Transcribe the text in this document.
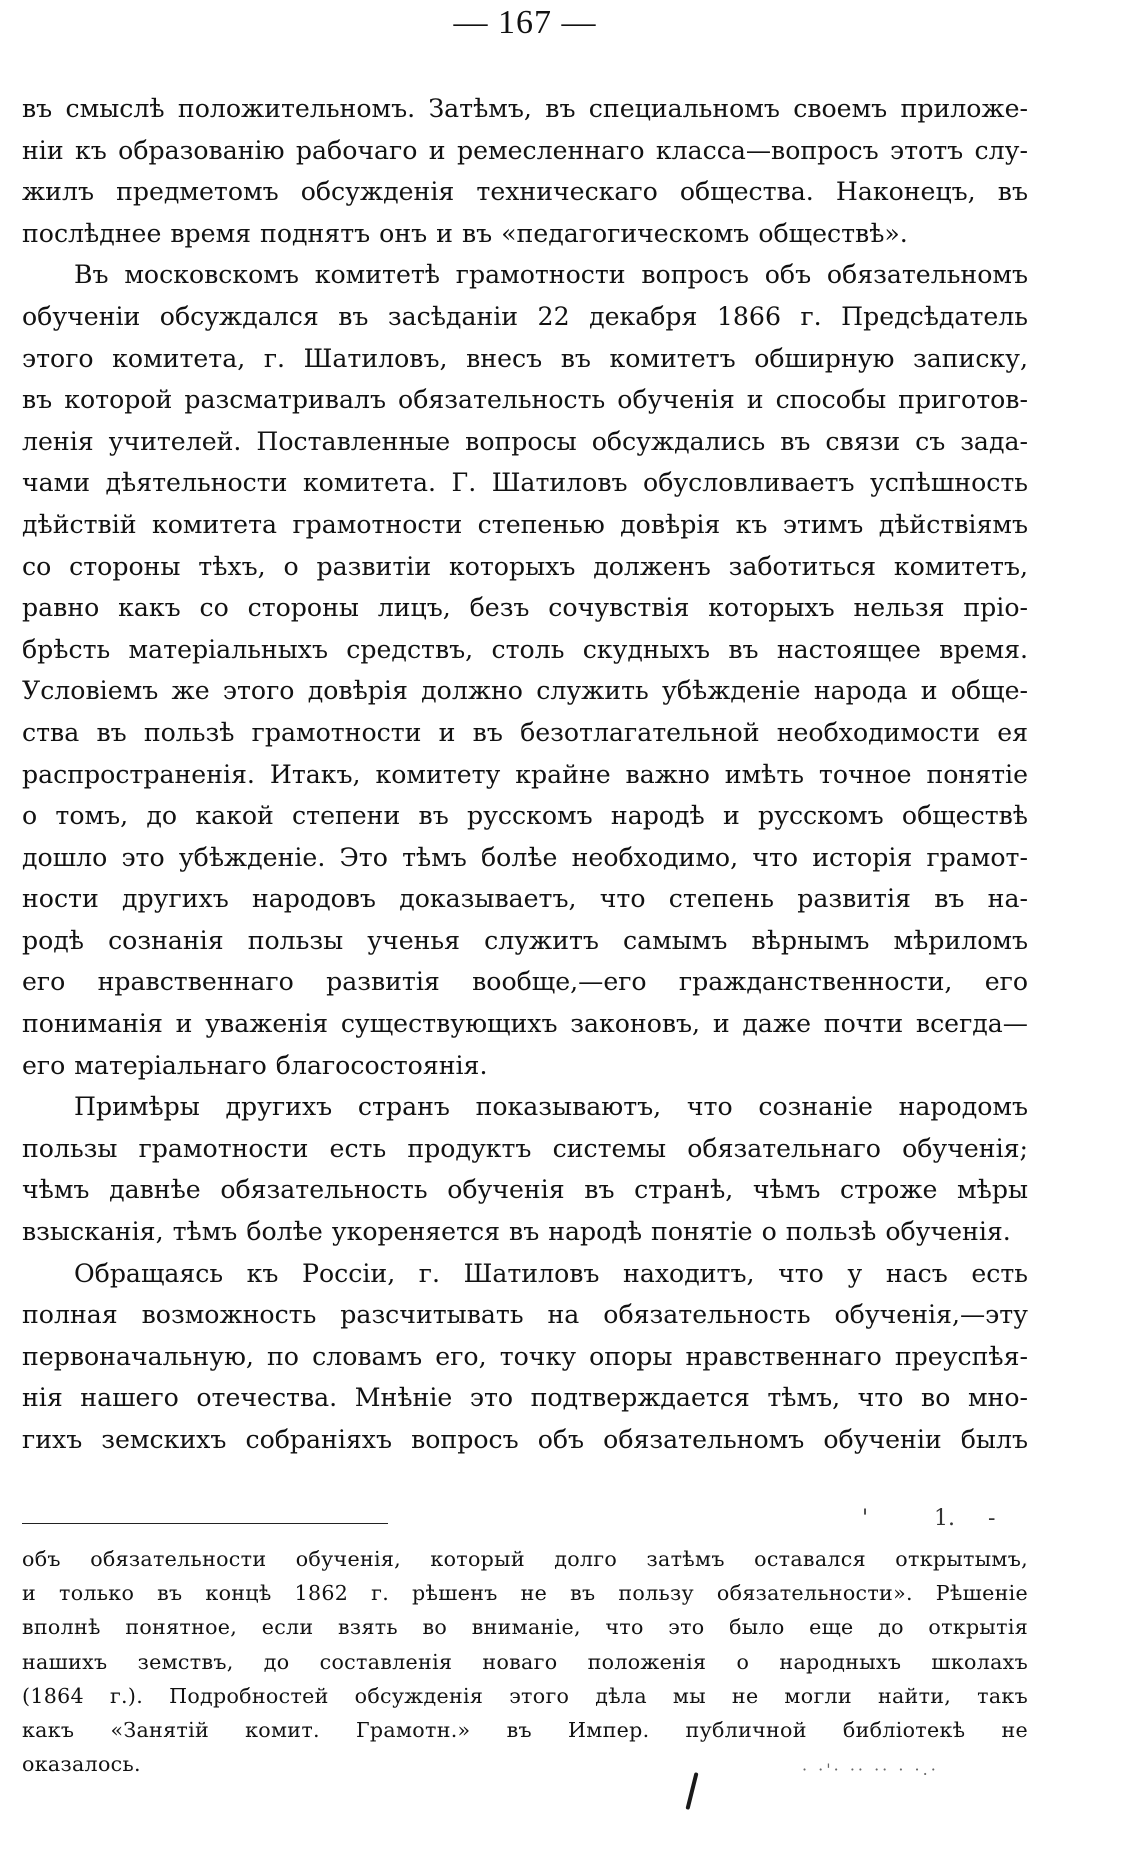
— 167 —

въ смыслѣ положительномъ. Затѣмъ, въ специальномъ своемъ приложе-

нiи къ образованiю рабочаго и ремесленнаго класса—вопросъ этотъ слу-

жилъ предметомъ обсужденiя техническаго общества. Наконецъ, въ

послѣднее время поднятъ онъ и въ «педагогическомъ обществѣ».

Въ московскомъ комитетѣ грамотности вопросъ объ обязательномъ

обученiи обсуждался въ засѣданiи 22 декабря 1866 г. Предсѣдатель

этого комитета, г. Шатиловъ, внесъ въ комитетъ обширную записку,

въ которой разсматривалъ обязательность обученiя и способы приготов-

ленiя учителей. Поставленные вопросы обсуждались въ связи съ зада-

чами дѣятельности комитета. Г. Шатиловъ обусловливаетъ успѣшность

дѣйствiй комитета грамотности степенью довѣрiя къ этимъ дѣйствiямъ

со стороны тѣхъ, о развитiи которыхъ долженъ заботиться комитетъ,

равно какъ со стороны лицъ, безъ сочувствiя которыхъ нельзя прiо-

брѣсть матерiальныхъ средствъ, столь скудныхъ въ настоящее время.

Условiемъ же этого довѣрiя должно служить убѣжденiе народа и обще-

ства въ пользѣ грамотности и въ безотлагательной необходимости ея

распространенiя. Итакъ, комитету крайне важно имѣть точное понятiе

о томъ, до какой степени въ русскомъ народѣ и русскомъ обществѣ

дошло это убѣжденiе. Это тѣмъ болѣе необходимо, что исторiя грамот-

ности другихъ народовъ доказываетъ, что степень развитiя въ на-

родѣ сознанiя пользы ученья служитъ самымъ вѣрнымъ мѣриломъ

его нравственнаго развитiя вообще,—его гражданственности, его

пониманiя и уваженiя существующихъ законовъ, и даже почти всегда—

его матерiальнаго благосостоянiя.

Примѣры другихъ странъ показываютъ, что сознанiе народомъ

пользы грамотности есть продуктъ системы обязательнаго обученiя;

чѣмъ давнѣе обязательность обученiя въ странѣ, чѣмъ строже мѣры

взысканiя, тѣмъ болѣе укореняется въ народѣ понятiе о пользѣ обученiя.

Обращаясь къ Россiи, г. Шатиловъ находитъ, что у насъ есть

полная возможность разсчитывать на обязательность обученiя,—эту

первоначальную, по словамъ его, точку опоры нравственнаго преуспѣя-

нiя нашего отечества. Мнѣнiе это подтверждается тѣмъ, что во мно-

гихъ земскихъ собранiяхъ вопросъ объ обязательномъ обученiи былъ

'	1. -

объ обязательности обученiя, который долго затѣмъ оставался открытымъ,

и только въ концѣ 1862 г. рѣшенъ не въ пользу обязательности». Рѣшенiе

вполнѣ понятное, если взять во вниманiе, что это было еще до открытiя

нашихъ земствъ, до составленiя новаго положенiя о народныхъ школахъ

(1864 г.). Подробностей обсужденiя этого дѣла мы не могли найти, такъ

какъ «Занятiй комит. Грамотн.» въ Импер. публичной библiотекѣ не

оказалось.	· ·'· ·· ·· · ·.·
